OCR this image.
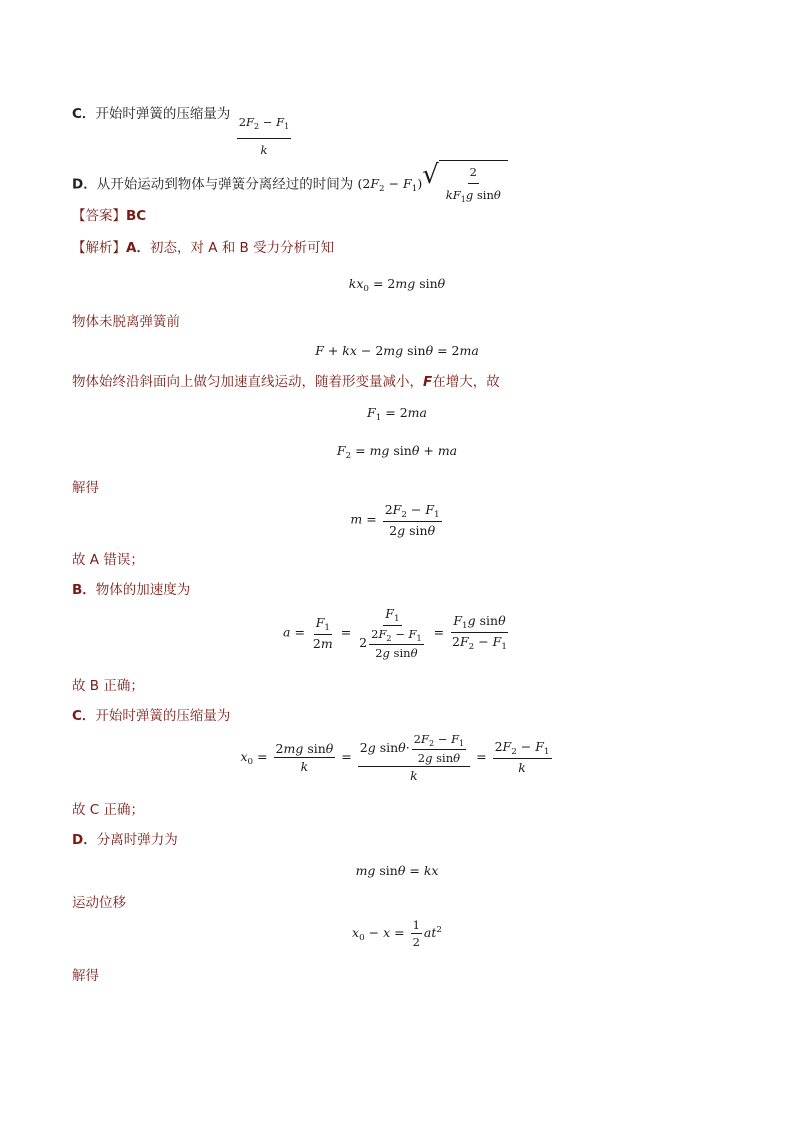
C．开始时弹簧的压缩量为 $\frac{2F_2 - F_1}{k}$
D．从开始运动到物体与弹簧分离经过的时间为 $(2F_2 - F_1)$ √ $\frac{2}{kF_1g \sin\theta}$
【答案】BC
【解析】A．初态，对 A 和 B 受力分析可知
$kx_0 = 2mg$ sinθ
物体未脱离弹簧前
F + kx − 2mg sinθ = 2ma
物体始终沿斜面向上做匀加速直线运动，随着形变量减小，F在增大，故
$F_1 = 2ma$
$F_2$ = mg sinθ + ma
解得
$m = \frac{2F_2 - F_1}{\text{2g sinθ}}$
故 A 错误；
B．物体的加速度为
$a = \frac{F_1}{2m} = \frac{F_1}{2 \frac{2F_2 - F_1}{\text{2g sinθ}}} = \frac{F_1g \sin\theta}{2F_2 - F_1}$
故 B 正确；
C．开始时弹簧的压缩量为
$x_0 = \frac{\text{2mg sinθ}}{k} = \frac{2g \sin\theta\cdot \frac{2F_2 - F_1}{\text{2g sinθ}}}{k} = \frac{2F_2 - F_1}{k}$
故 C 正确；
D．分离时弹力为
mg sinθ = kx
运动位移
$x_0 - x = \frac{1}{2} at^2$
解得
